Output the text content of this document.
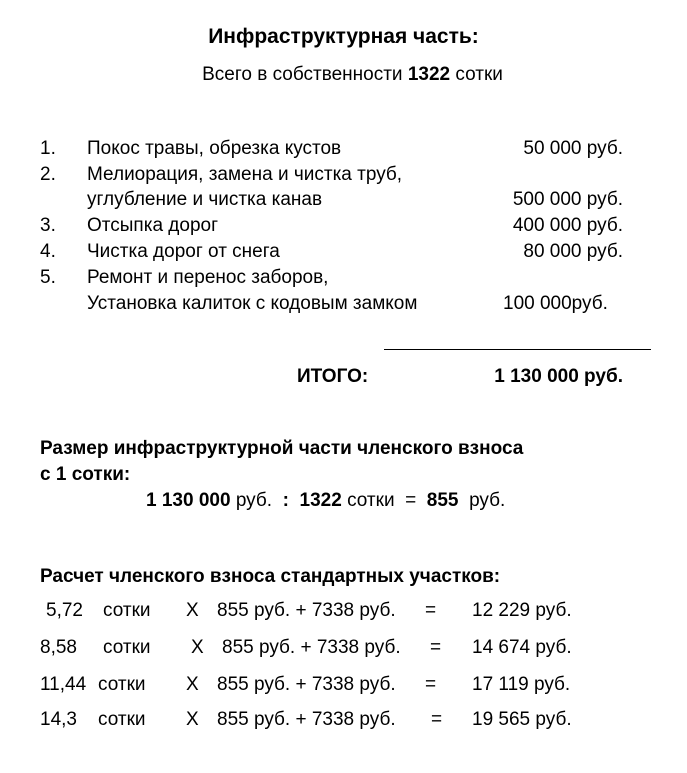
Инфраструктурная часть:
Всего в собственности 1322 сотки
1. Покос травы, обрезка кустов	50 000 руб.
2. Мелиорация, замена и чистка труб,
углубление и чистка канав	500 000 руб.
3. Отсыпка дорог	400 000 руб.
4. Чистка дорог от снега	80 000 руб.
5. Ремонт и перенос заборов,
Установка калиток с кодовым замком	100 000руб.
ИТОГО:	1 130 000 руб.
Размер инфраструктурной части членского взноса
с 1 сотки:
1 130 000 руб. : 1322 сотки = 855 руб.
Расчет членского взноса стандартных участков:
5,72 сотки X 855 руб. + 7338 руб. = 12 229 руб.
8,58 сотки X 855 руб. + 7338 руб. = 14 674 руб.
11,44 сотки X 855 руб. + 7338 руб. = 17 119 руб.
14,3 сотки X 855 руб. + 7338 руб. = 19 565 руб.
